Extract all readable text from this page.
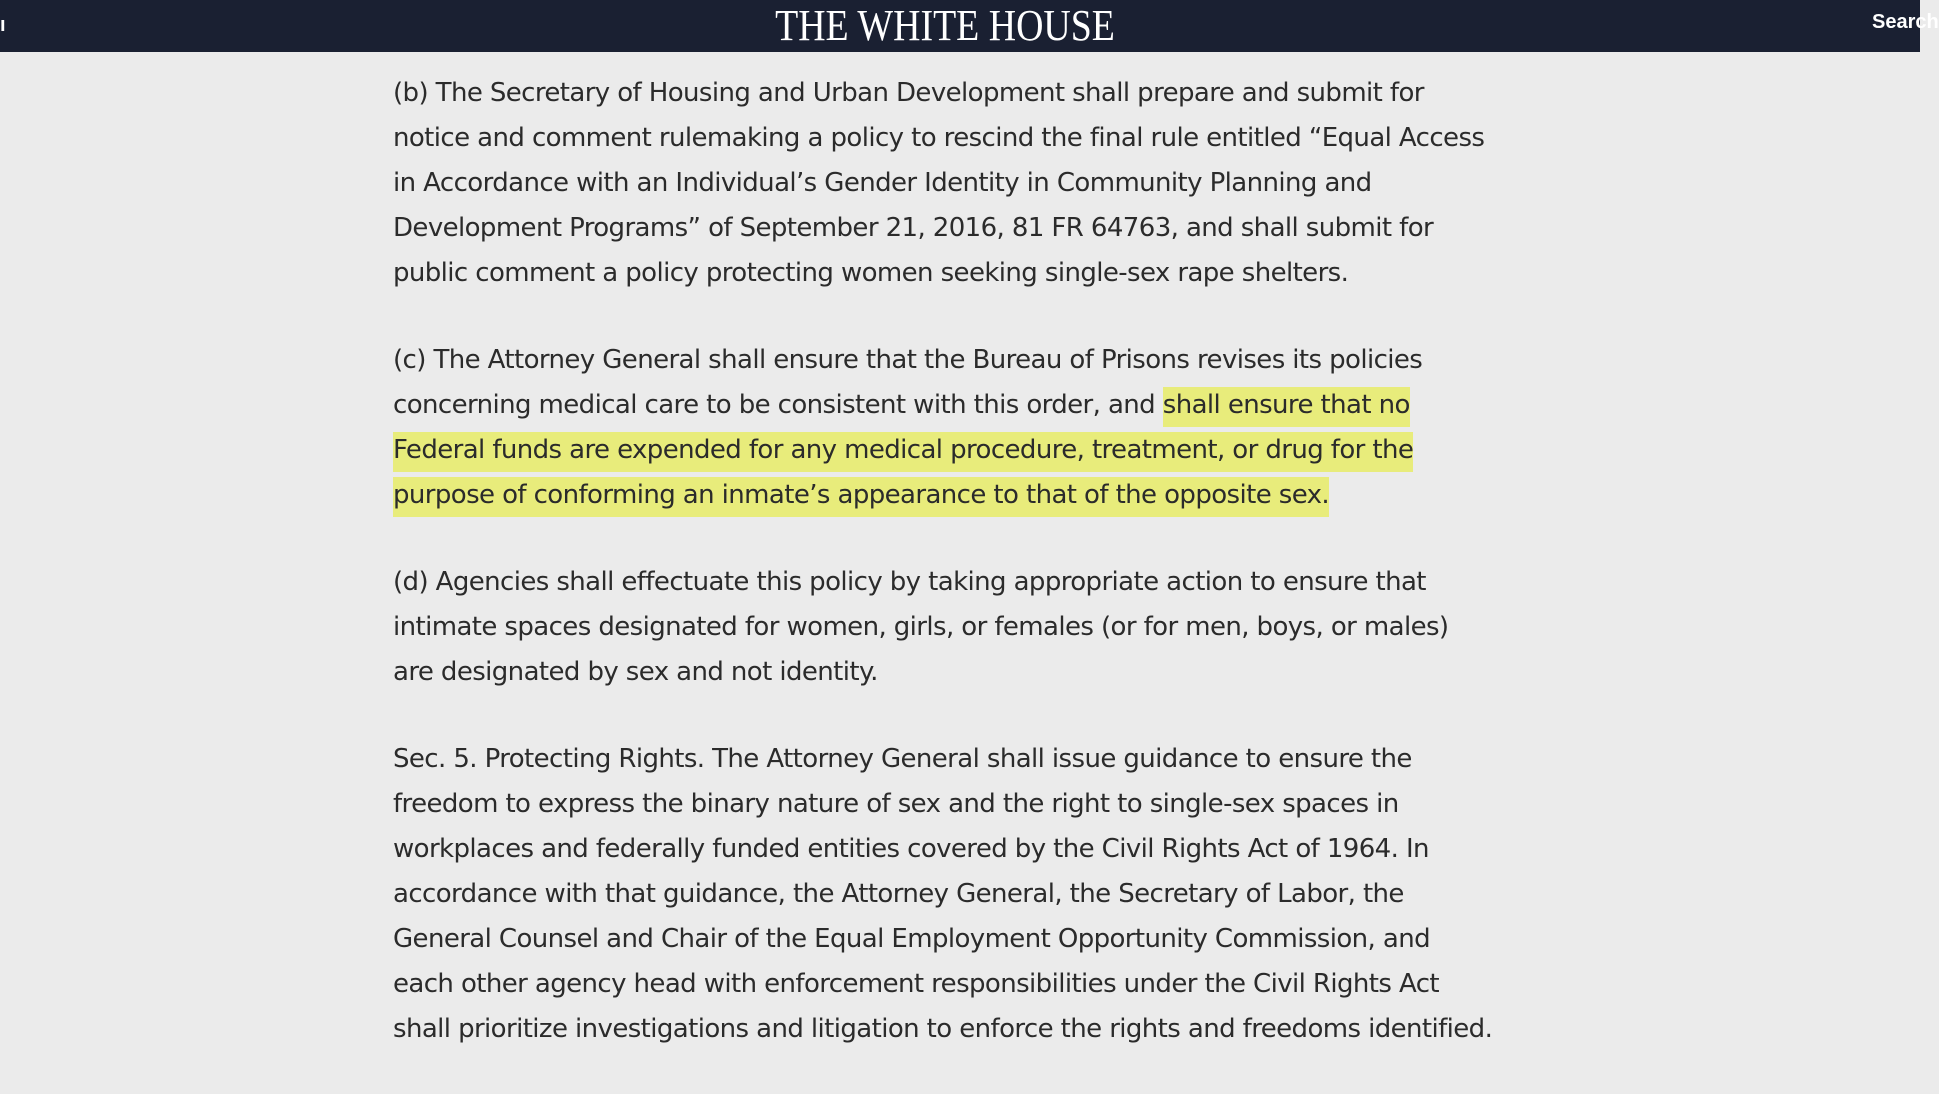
ı	THE WHITE HOUSE	Search

(b) The Secretary of Housing and Urban Development shall prepare and submit for notice and comment rulemaking a policy to rescind the final rule entitled “Equal Access in Accordance with an Individual’s Gender Identity in Community Planning and Development Programs” of September 21, 2016, 81 FR 64763, and shall submit for public comment a policy protecting women seeking single-sex rape shelters.

(c) The Attorney General shall ensure that the Bureau of Prisons revises its policies concerning medical care to be consistent with this order, and shall ensure that no Federal funds are expended for any medical procedure, treatment, or drug for the purpose of conforming an inmate’s appearance to that of the opposite sex.

(d) Agencies shall effectuate this policy by taking appropriate action to ensure that intimate spaces designated for women, girls, or females (or for men, boys, or males) are designated by sex and not identity.

Sec. 5. Protecting Rights. The Attorney General shall issue guidance to ensure the freedom to express the binary nature of sex and the right to single-sex spaces in workplaces and federally funded entities covered by the Civil Rights Act of 1964. In accordance with that guidance, the Attorney General, the Secretary of Labor, the General Counsel and Chair of the Equal Employment Opportunity Commission, and each other agency head with enforcement responsibilities under the Civil Rights Act shall prioritize investigations and litigation to enforce the rights and freedoms identified.
